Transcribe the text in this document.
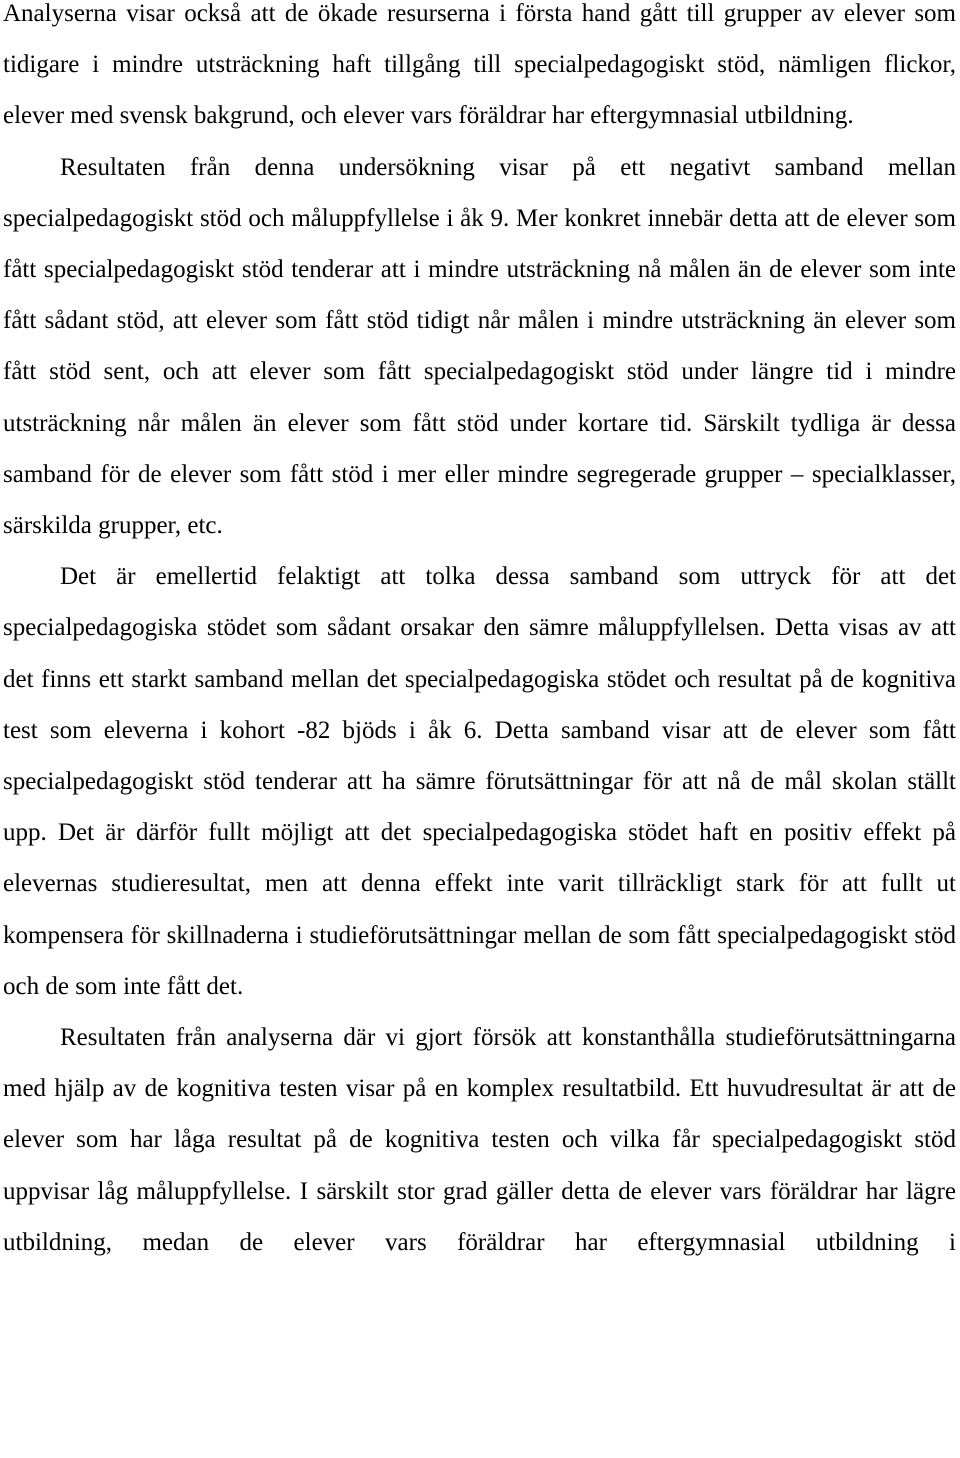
Analyserna visar också att de ökade resurserna i första hand gått till grupper av elever som tidigare i mindre utsträckning haft tillgång till specialpedagogiskt stöd, nämligen flickor, elever med svensk bakgrund, och elever vars föräldrar har eftergymnasial utbildning.

Resultaten från denna undersökning visar på ett negativt samband mellan specialpedagogiskt stöd och måluppfyllelse i åk 9. Mer konkret innebär detta att de elever som fått specialpedagogiskt stöd tenderar att i mindre utsträckning nå målen än de elever som inte fått sådant stöd, att elever som fått stöd tidigt når målen i mindre utsträckning än elever som fått stöd sent, och att elever som fått specialpedagogiskt stöd under längre tid i mindre utsträckning når målen än elever som fått stöd under kortare tid. Särskilt tydliga är dessa samband för de elever som fått stöd i mer eller mindre segregerade grupper – specialklasser, särskilda grupper, etc.

Det är emellertid felaktigt att tolka dessa samband som uttryck för att det specialpedagogiska stödet som sådant orsakar den sämre måluppfyllelsen. Detta visas av att det finns ett starkt samband mellan det specialpedagogiska stödet och resultat på de kognitiva test som eleverna i kohort -82 bjöds i åk 6. Detta samband visar att de elever som fått specialpedagogiskt stöd tenderar att ha sämre förutsättningar för att nå de mål skolan ställt upp. Det är därför fullt möjligt att det specialpedagogiska stödet haft en positiv effekt på elevernas studieresultat, men att denna effekt inte varit tillräckligt stark för att fullt ut kompensera för skillnaderna i studieförutsättningar mellan de som fått specialpedagogiskt stöd och de som inte fått det.

Resultaten från analyserna där vi gjort försök att konstanthålla studieförutsättningarna med hjälp av de kognitiva testen visar på en komplex resultatbild. Ett huvudresultat är att de elever som har låga resultat på de kognitiva testen och vilka får specialpedagogiskt stöd uppvisar låg måluppfyllelse. I särskilt stor grad gäller detta de elever vars föräldrar har lägre utbildning, medan de elever vars föräldrar har eftergymnasial utbildning i
